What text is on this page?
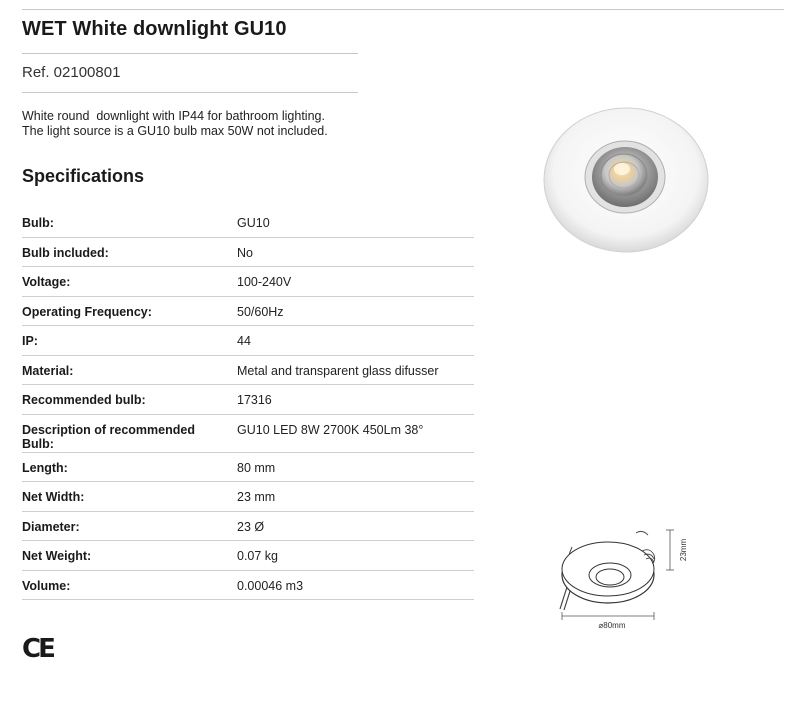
WET White downlight GU10
Ref. 02100801
White round  downlight with IP44 for bathroom lighting.
The light source is a GU10 bulb max 50W not included.
Specifications
Bulb:	GU10
Bulb included:	No
Voltage:	100-240V
Operating Frequency:	50/60Hz
IP:	44
Material:	Metal and transparent glass difusser
Recommended bulb:	17316
Description of recommended Bulb:
GU10 LED 8W 2700K 450Lm 38°
Length:	80 mm
Net Width:	23 mm
Diameter:	23 Ø
Net Weight:	0.07 kg
Volume:	0.00046 m3
CE
23mm
⌀80mm
